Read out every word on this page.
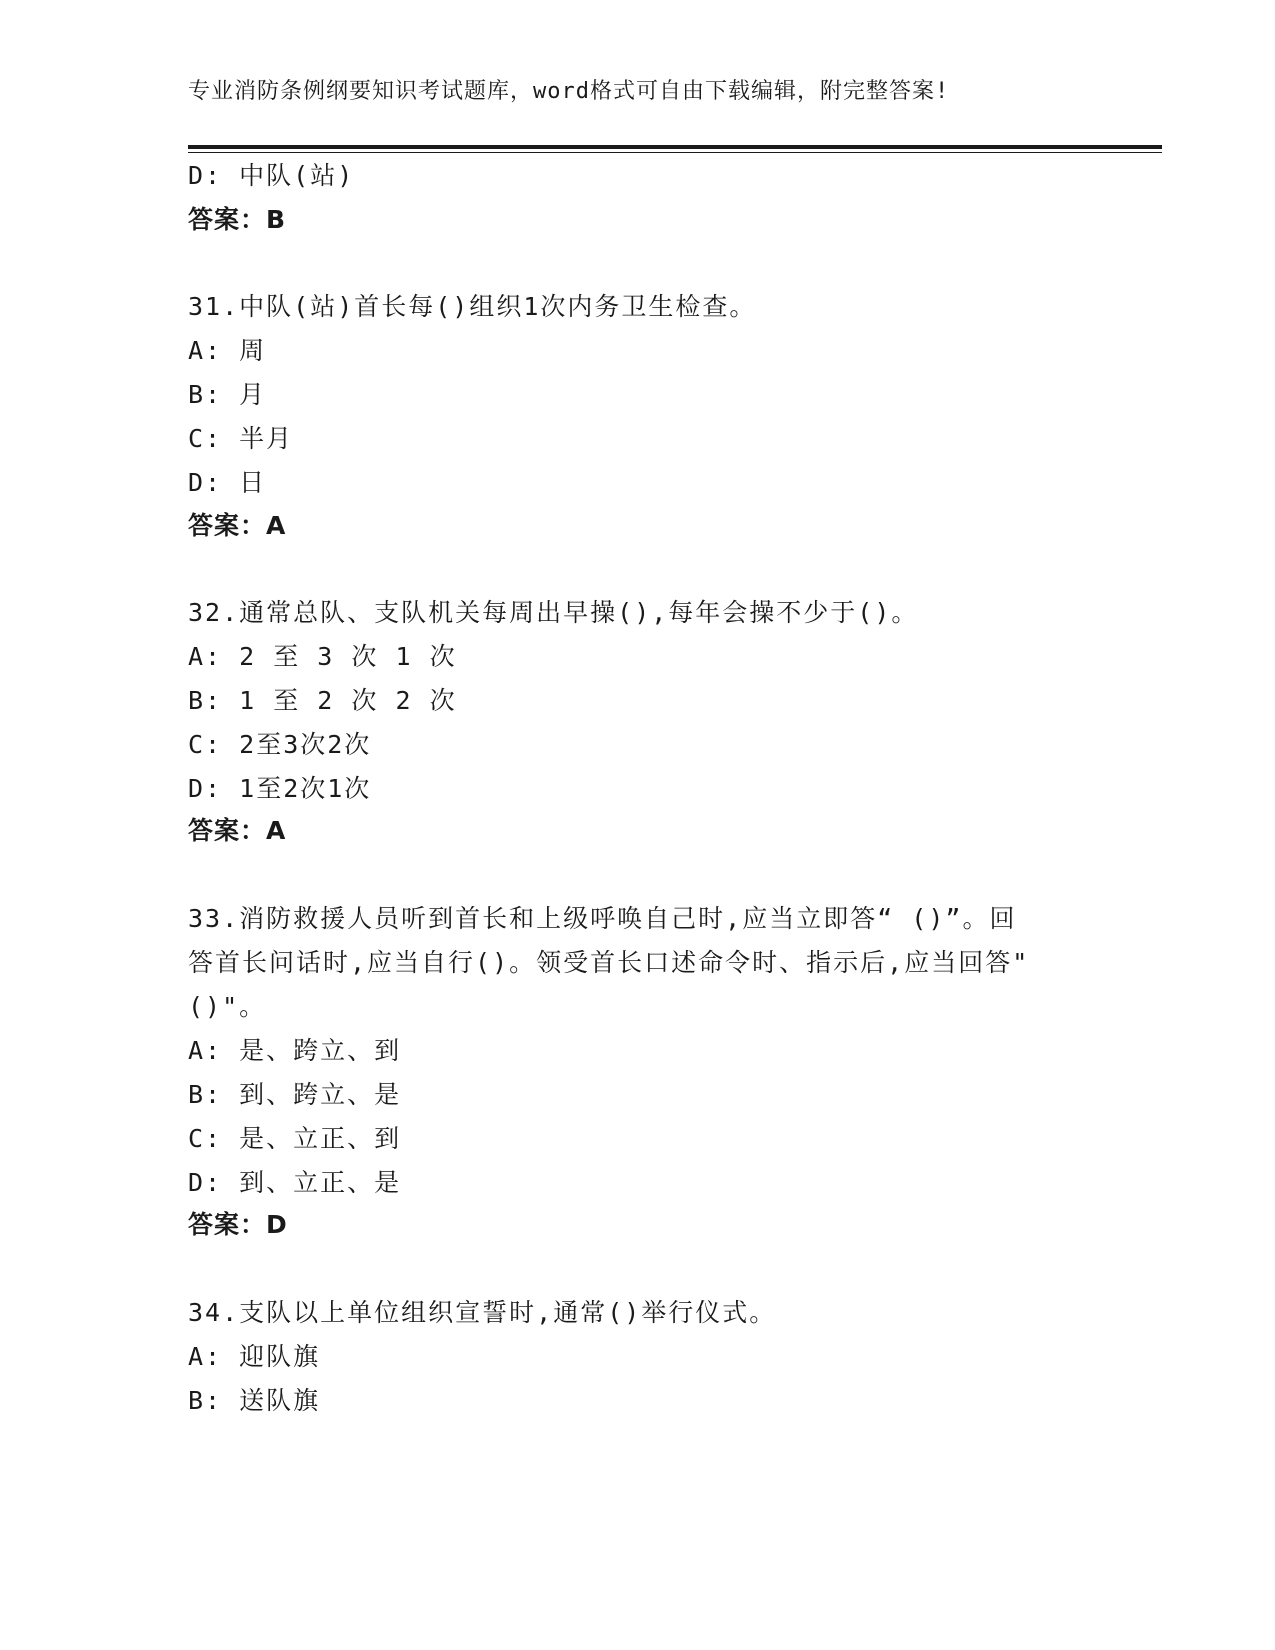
专业消防条例纲要知识考试题库，word格式可自由下载编辑，附完整答案!
D: 中队(站)
答案：B
31.中队(站)首长每()组织1次内务卫生检查。
A: 周
B: 月
C: 半月
D: 日
答案：A
32.通常总队、支队机关每周出早操(),每年会操不少于()。
A: 2 至 3 次 1 次
B: 1 至 2 次 2 次
C: 2至3次2次
D: 1至2次1次
答案：A
33.消防救援人员听到首长和上级呼唤自己时,应当立即答“ ()”。回
答首长问话时,应当自行()。领受首长口述命令时、指示后,应当回答"
()"。
A: 是、跨立、到
B: 到、跨立、是
C: 是、立正、到
D: 到、立正、是
答案：D
34.支队以上单位组织宣誓时,通常()举行仪式。
A: 迎队旗
B: 送队旗
